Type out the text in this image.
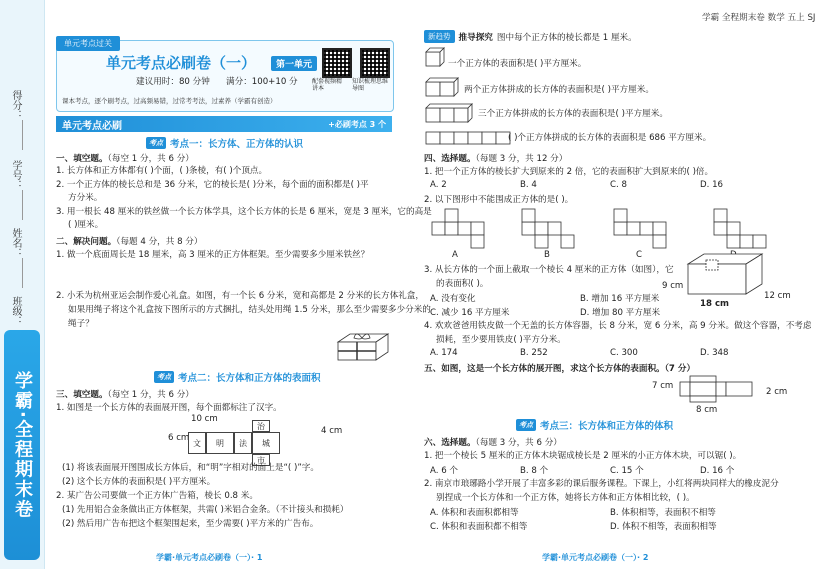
得分：
学号：
姓名：
班级：
学霸·全程期末卷
单元考点过关
单元考点必刷卷（一）	第一单元
建议用时：80 分钟 满分：100+10 分 配套视频精讲本
知识梳理思维导图
课本考点，逐个刷考点，过高频易错，过常考考法，过素养（学霸有创造）
单元考点必刷	+必刷考点 3 个
考点 考点一：长方体、正方体的认识
一、填空题。（每空 1 分，共 6 分）
1. 长方体和正方体都有( )个面，( )条棱，有( )个顶点。
2. 一个正方体的棱长总和是 36 分米，它的棱长是( )分米，每个面的面积都是( )平
方分米。
3. 用一根长 48 厘米的铁丝做一个长方体学具，这个长方体的长是 6 厘米，宽是 3 厘米，它的高是
( )厘米。
二、解决问题。（每题 4 分，共 8 分）
1. 做一个底面周长是 18 厘米，高 3 厘米的正方体框架。至少需要多少厘米铁丝？
2. 小禾为杭州亚运会制作爱心礼盒。如图，有一个长 6 分米，宽和高都是 2 分米的长方体礼盒，
如果用绳子将这个礼盒按下图所示的方式捆扎，结头处用绳 1.5 分米，那么至少需要多少分米的
绳子？
考点 考点二：长方体和正方体的表面积
三、填空题。（每空 1 分，共 6 分）
1. 如图是一个长方体的表面展开图，每个面都标注了汉字。
10 cm
6 cm
4 cm
治
文	明	法	城
市
(1) 将该表面展开图围成长方体后，和“明”字相对的面上是“( )”字。
(2) 这个长方体的表面积是( )平方厘米。
2. 某广告公司要做一个正方体广告箱，棱长 0.8 米。
(1) 先用铝合金条做出正方体框架，共需( )米铝合金条。（不计接头和损耗）
(2) 然后用广告布把这个框架围起来，至少需要( )平方米的广告布。
学霸·单元考点必刷卷（一）· 1
学霸 全程期末卷 数学 五上 SJ
新趋势 推导探究 图中每个正方体的棱长都是 1 厘米。
一个正方体的表面积是( )平方厘米。
两个正方体拼成的长方体的表面积是( )平方厘米。
三个正方体拼成的长方体的表面积是( )平方厘米。
( )个正方体拼成的长方体的表面积是 686 平方厘米。
四、选择题。（每题 3 分，共 12 分）
1. 把一个正方体的棱长扩大到原来的 2 倍，它的表面积扩大到原来的( )倍。
A. 2	B. 4	C. 8	D. 16
2. 以下图形中不能围成正方体的是( )。
A	B	C
3. 从长方体的一个面上截取一个棱长 4 厘米的正方体（如图），它
的表面积( )。
A. 没有变化	B. 增加 16 平方厘米
C. 减少 16 平方厘米	D. 增加 80 平方厘米
9 cm
18 cm
12 cm
4. 欢欢爸爸用铁皮做一个无盖的长方体容器，长 8 分米，宽 6 分米，高 9 分米。做这个容器，不考虑
损耗，至少要用铁皮( )平方分米。
A. 174	B. 252	C. 300	D. 348
五、如图，这是一个长方体的展开图，求这个长方体的表面积。（7 分）
7 cm
2 cm
8 cm
考点 考点三：长方体和正方体的体积
六、选择题。（每题 3 分，共 6 分）
1. 把一个棱长 5 厘米的正方体木块锯成棱长是 2 厘米的小正方体木块，可以锯( )。
A. 6 个	B. 8 个	C. 15 个	D. 16 个
2. 南京市琅琊路小学开展了丰富多彩的课后服务课程。下课上，小红将两块同样大的橡皮泥分
别捏成一个长方体和一个正方体，她将长方体和正方体相比较，( )。
A. 体积和表面积都相等	B. 体积相等，表面积不相等
C. 体积和表面积都不相等	D. 体积不相等，表面积相等
学霸·单元考点必刷卷（一）· 2
